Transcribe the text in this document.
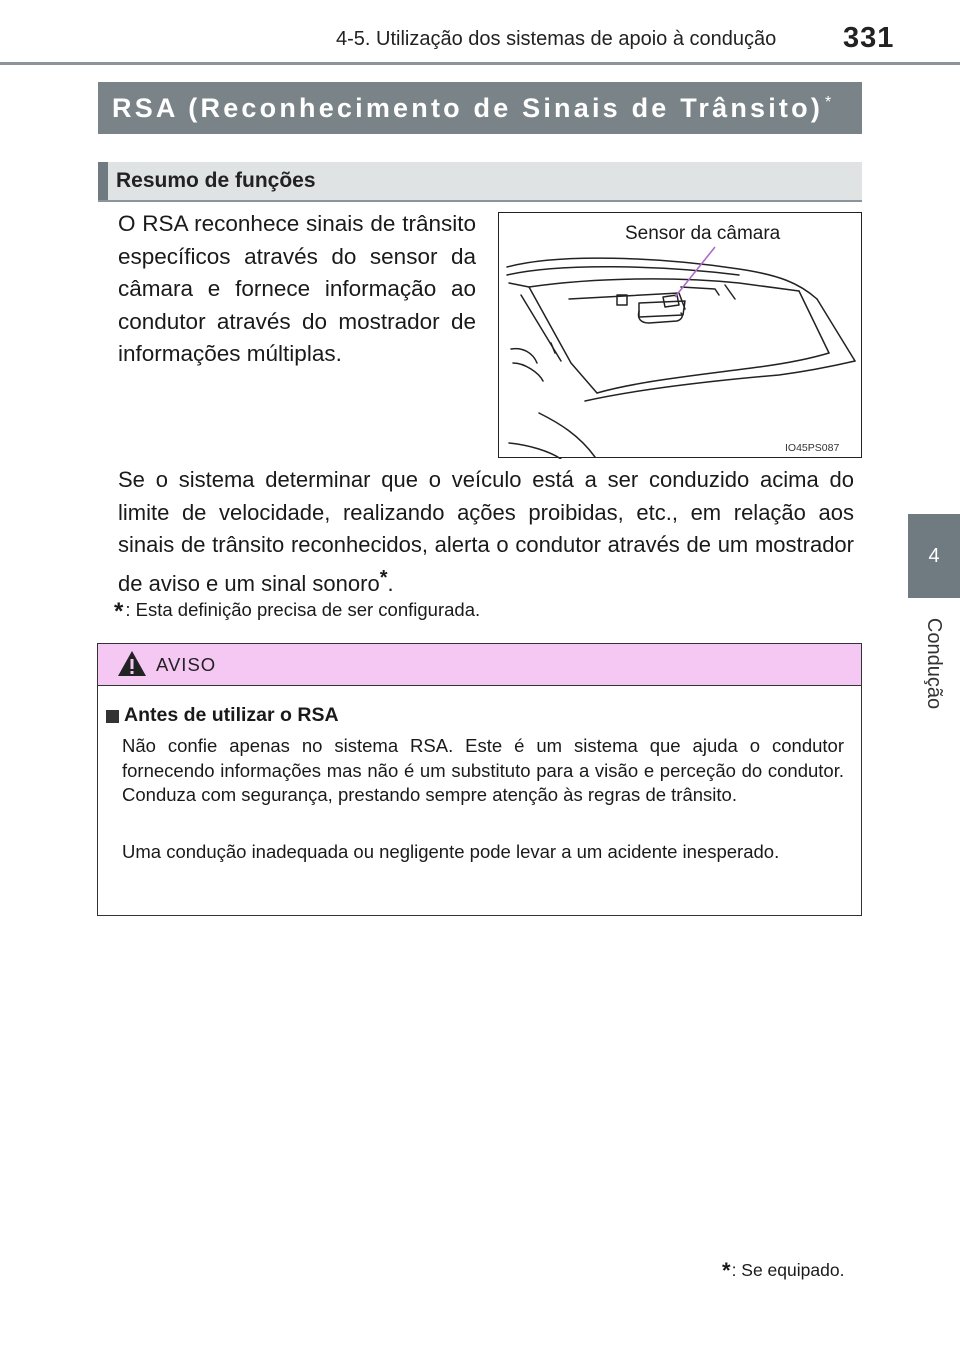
4-5. Utilização dos sistemas de apoio à condução 331
4
Condução
RSA (Reconhecimento de Sinais de Trânsito) *
Resumo de funções
O RSA reconhece sinais de trânsito específicos através do sensor da câmara e fornece informação ao condutor através do mostrador de informações múltiplas.
Sensor da câmara
IO45PS087
Se o sistema determinar que o veículo está a ser conduzido acima do limite de velocidade, realizando ações proibidas, etc., em relação aos sinais de trânsito reconhecidos, alerta o condutor através de um mostrador de aviso e um sinal sonoro*.
* : Esta definição precisa de ser configurada.
AVISO
Antes de utilizar o RSA
Não confie apenas no sistema RSA. Este é um sistema que ajuda o condutor fornecendo informações mas não é um substituto para a visão e perceção do condutor. Conduza com segurança, prestando sempre atenção às regras de trânsito.
Uma condução inadequada ou negligente pode levar a um acidente inesperado.
*: Se equipado.
